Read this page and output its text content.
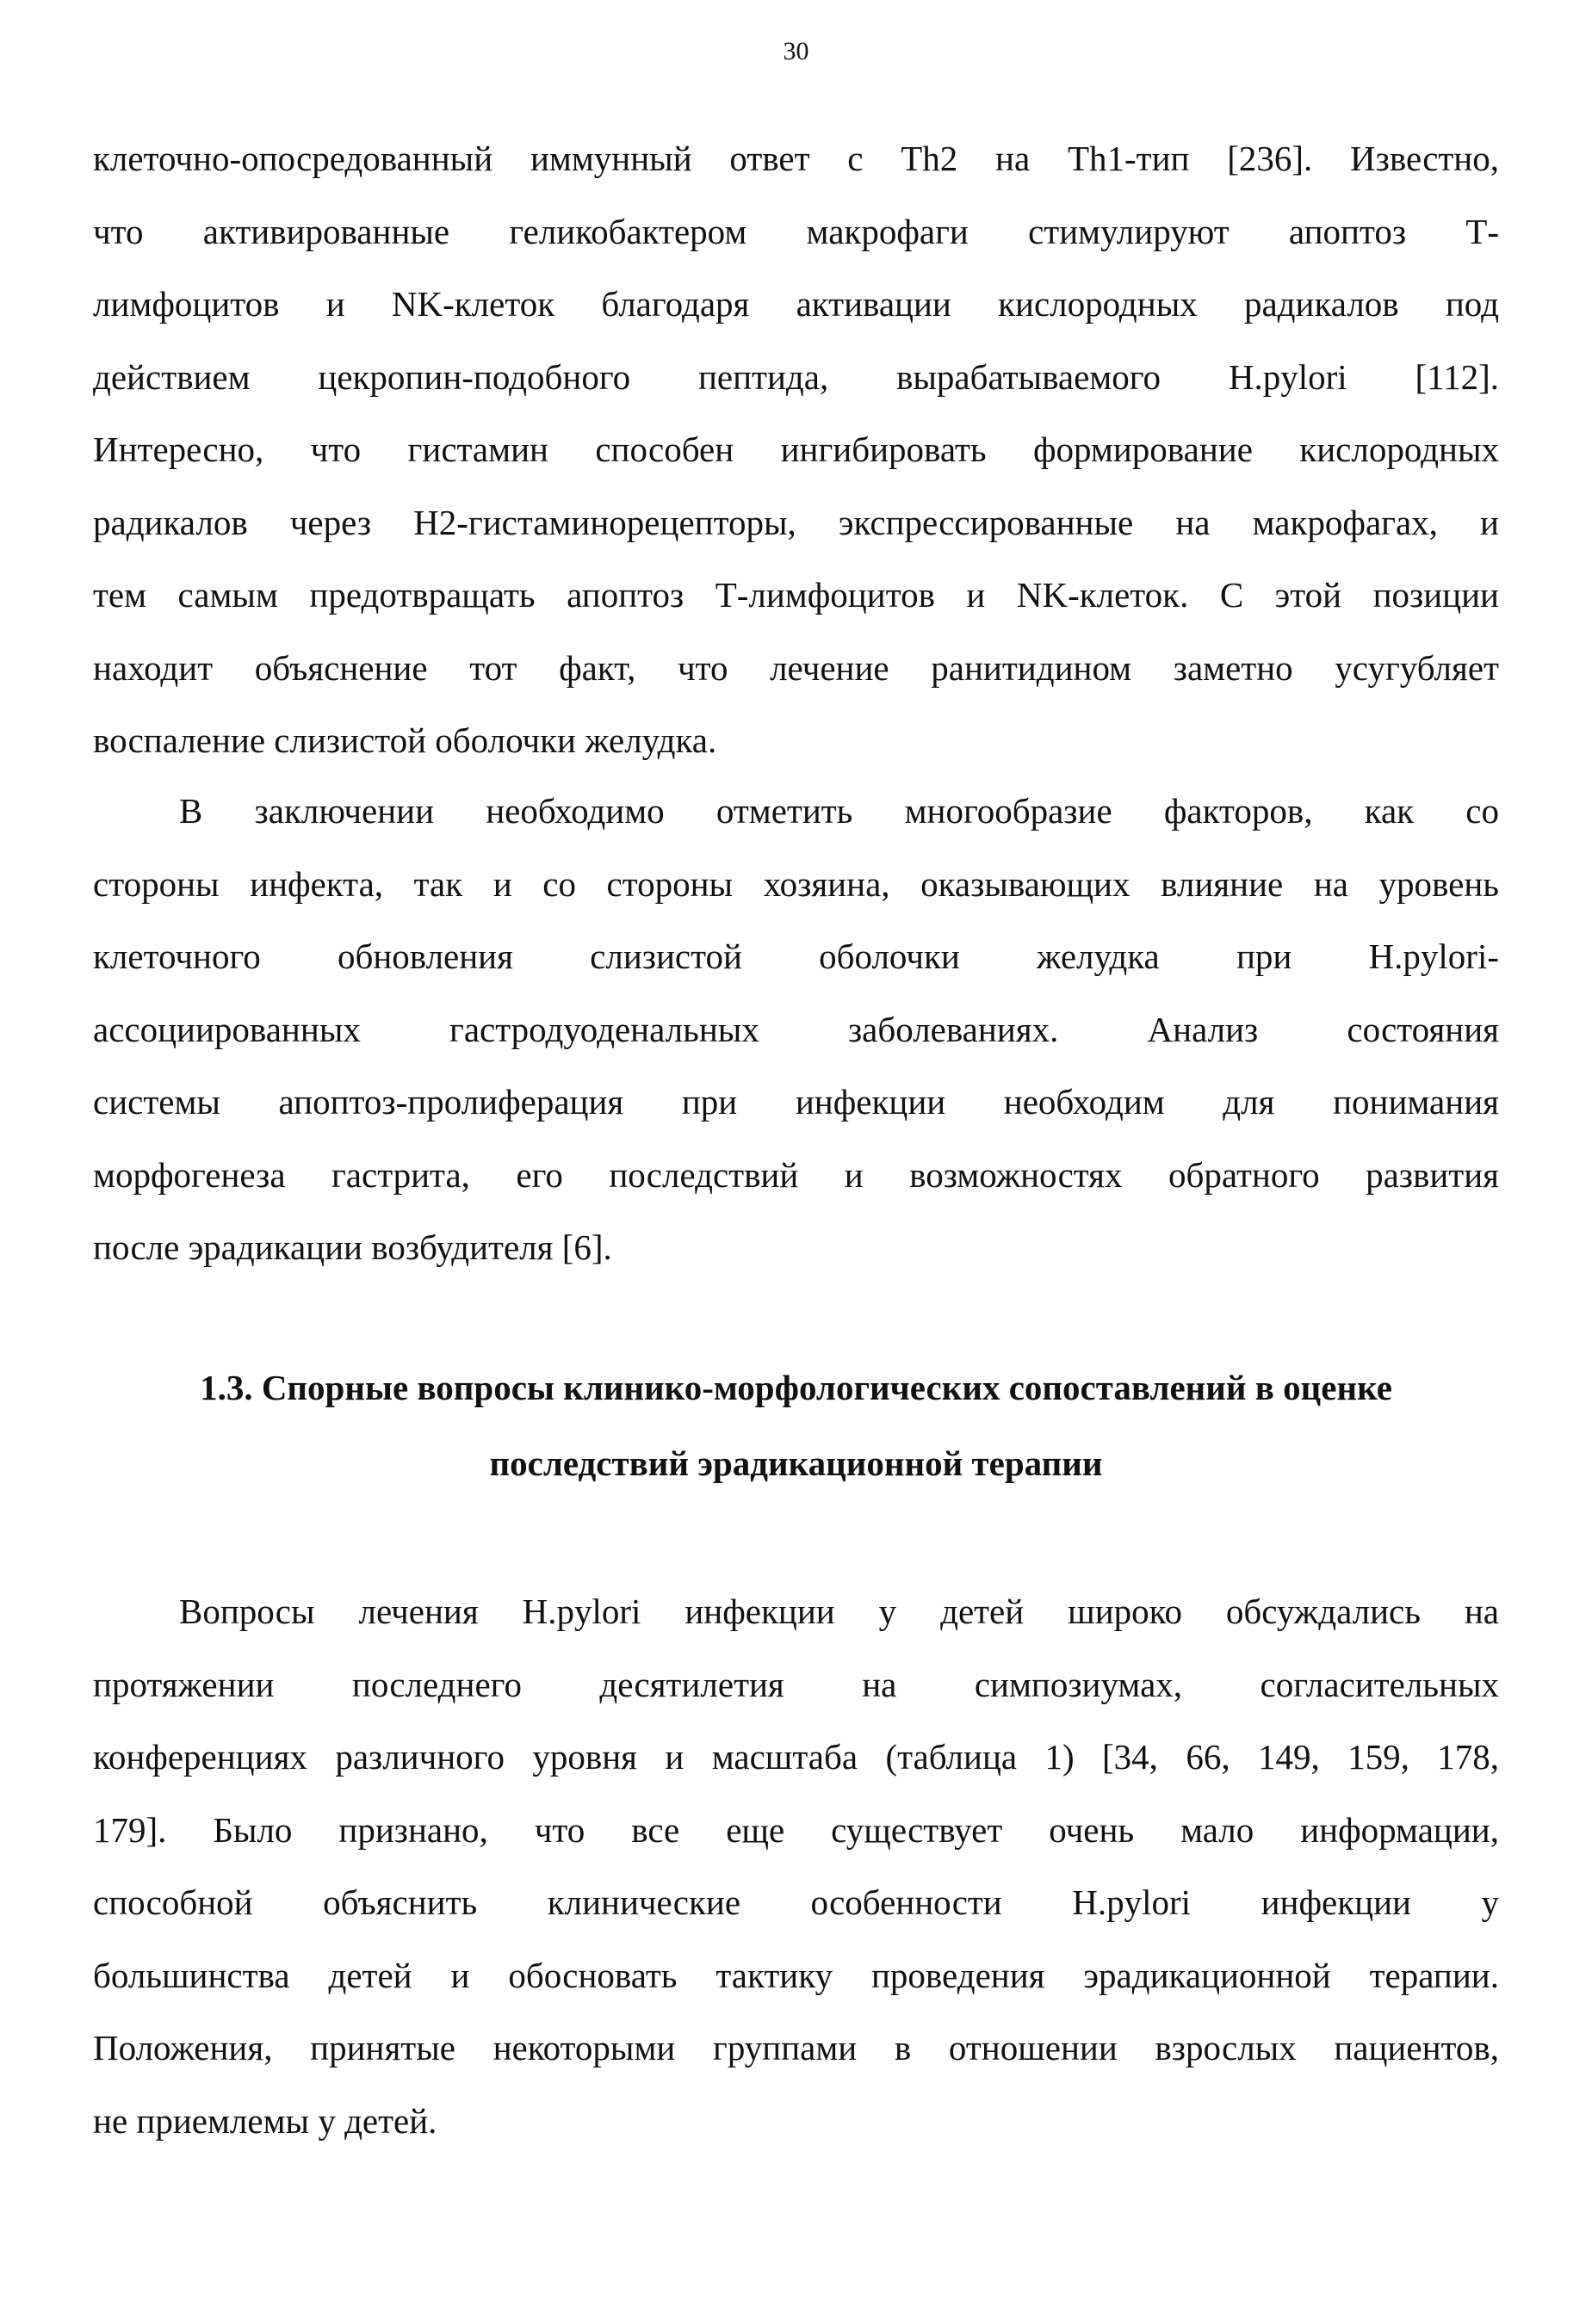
30
клеточно-опосредованный иммунный ответ с Th2 на Th1-тип [236]. Известно,
что активированные геликобактером макрофаги стимулируют апоптоз Т-
лимфоцитов и NK-клеток благодаря активации кислородных радикалов под
действием цекропин-подобного пептида, вырабатываемого H.pylori [112].
Интересно, что гистамин способен ингибировать формирование кислородных
радикалов через Н2-гистаминорецепторы, экспрессированные на макрофагах, и
тем самым предотвращать апоптоз Т-лимфоцитов и NK-клеток. С этой позиции
находит объяснение тот факт, что лечение ранитидином заметно усугубляет
воспаление слизистой оболочки желудка.
В заключении необходимо отметить многообразие факторов, как со
стороны инфекта, так и со стороны хозяина, оказывающих влияние на уровень
клеточного обновления слизистой оболочки желудка при H.pylori-
ассоциированных гастродуоденальных заболеваниях. Анализ состояния
системы апоптоз-пролиферация при инфекции необходим для понимания
морфогенеза гастрита, его последствий и возможностях обратного развития
после эрадикации возбудителя [6].
1.3. Спорные вопросы клинико-морфологических сопоставлений в оценке
последствий эрадикационной терапии
Вопросы лечения H.pylori инфекции у детей широко обсуждались на
протяжении последнего десятилетия на симпозиумах, согласительных
конференциях различного уровня и масштаба (таблица 1) [34, 66, 149, 159, 178,
179]. Было признано, что все еще существует очень мало информации,
способной объяснить клинические особенности H.pylori инфекции у
большинства детей и обосновать тактику проведения эрадикационной терапии.
Положения, принятые некоторыми группами в отношении взрослых пациентов,
не приемлемы у детей.
